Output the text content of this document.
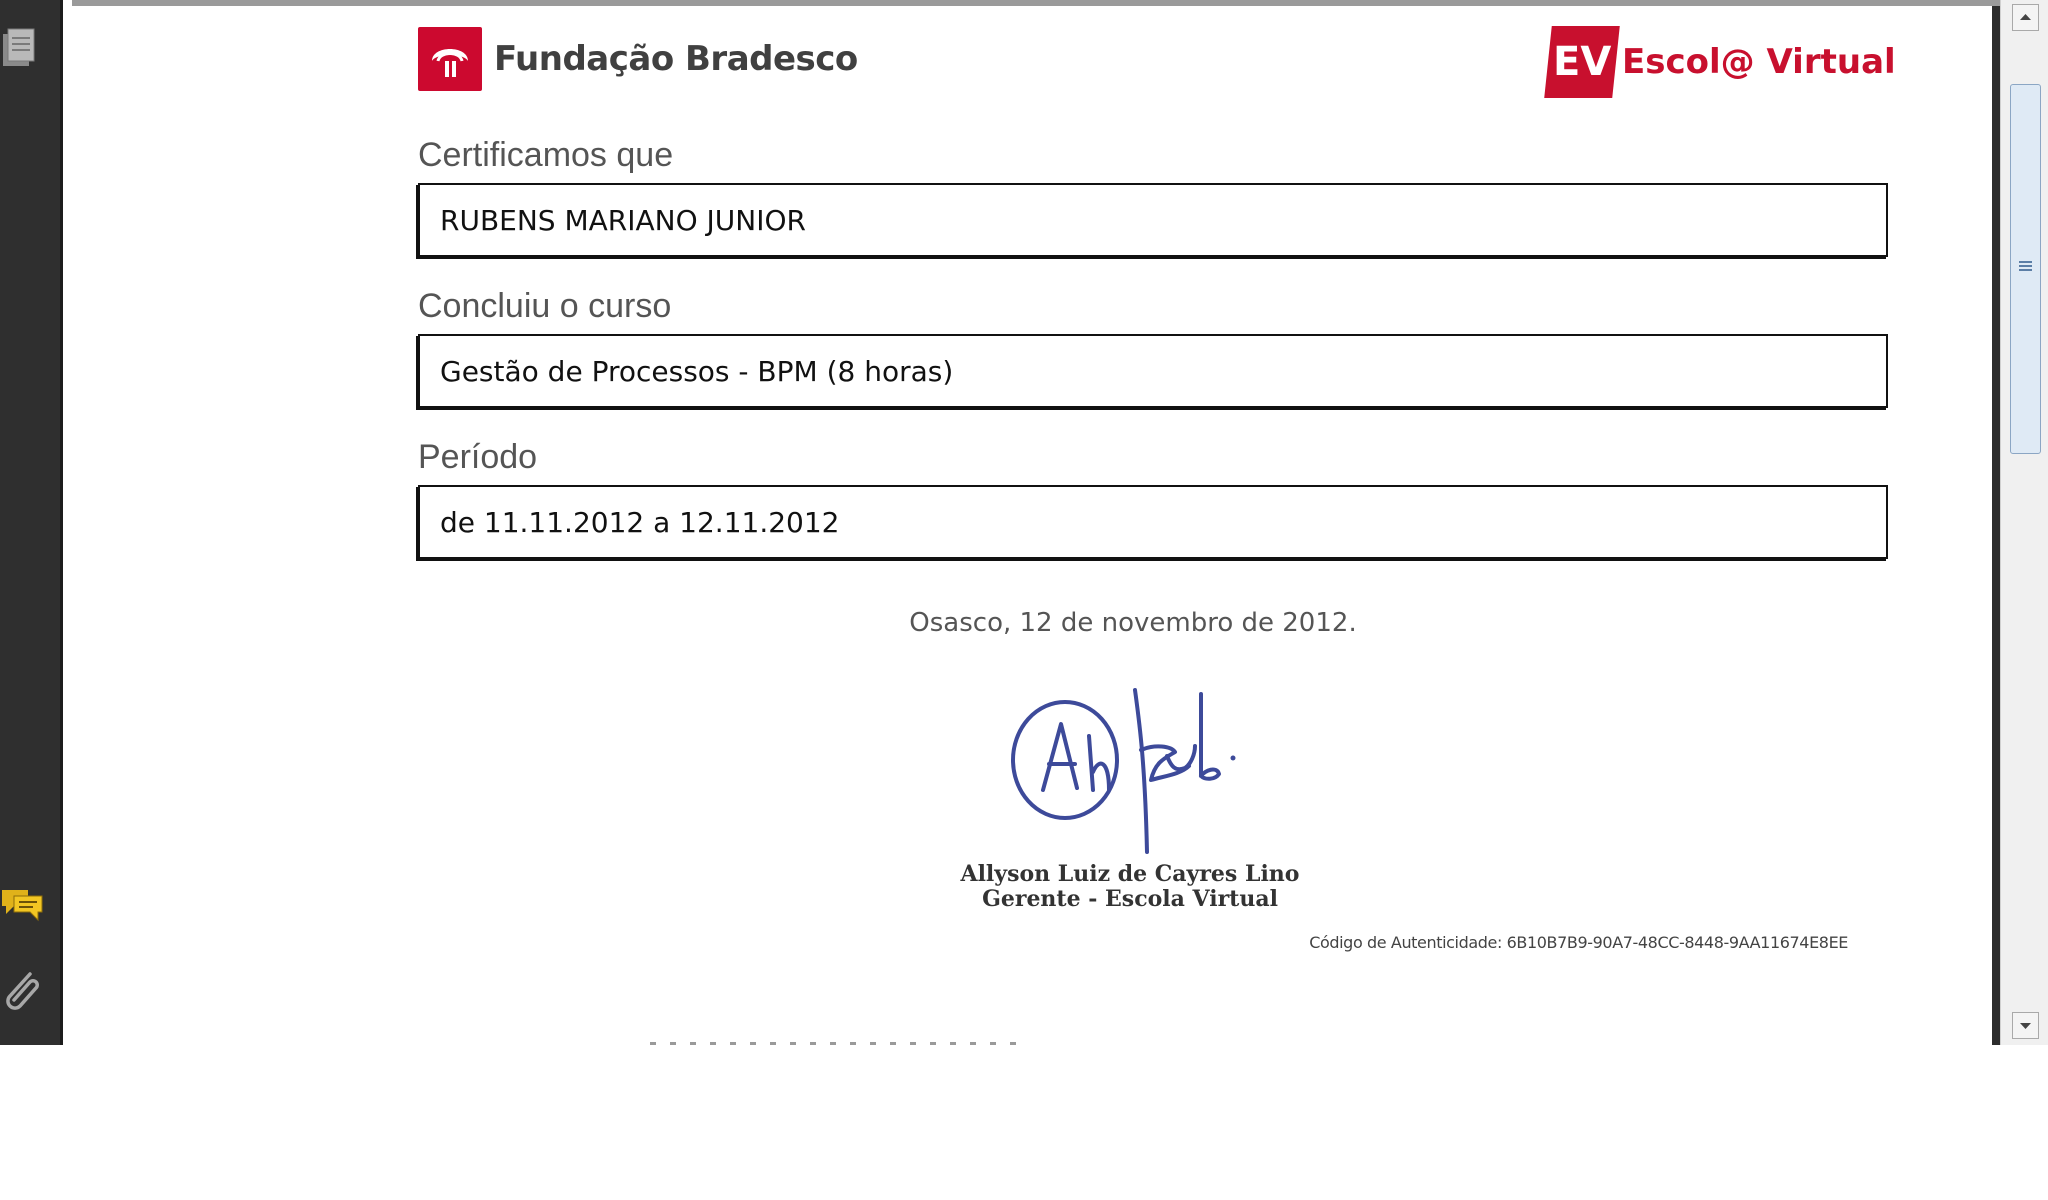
Fundação Bradesco	EV Escol@ Virtual
Certificamos que
RUBENS MARIANO JUNIOR
Concluiu o curso
Gestão de Processos - BPM (8 horas)
Período
de 11.11.2012 a 12.11.2012
Osasco, 12 de novembro de 2012.
Allyson Luiz de Cayres Lino
Gerente - Escola Virtual
Código de Autenticidade: 6B10B7B9-90A7-48CC-8448-9AA11674E8EE
